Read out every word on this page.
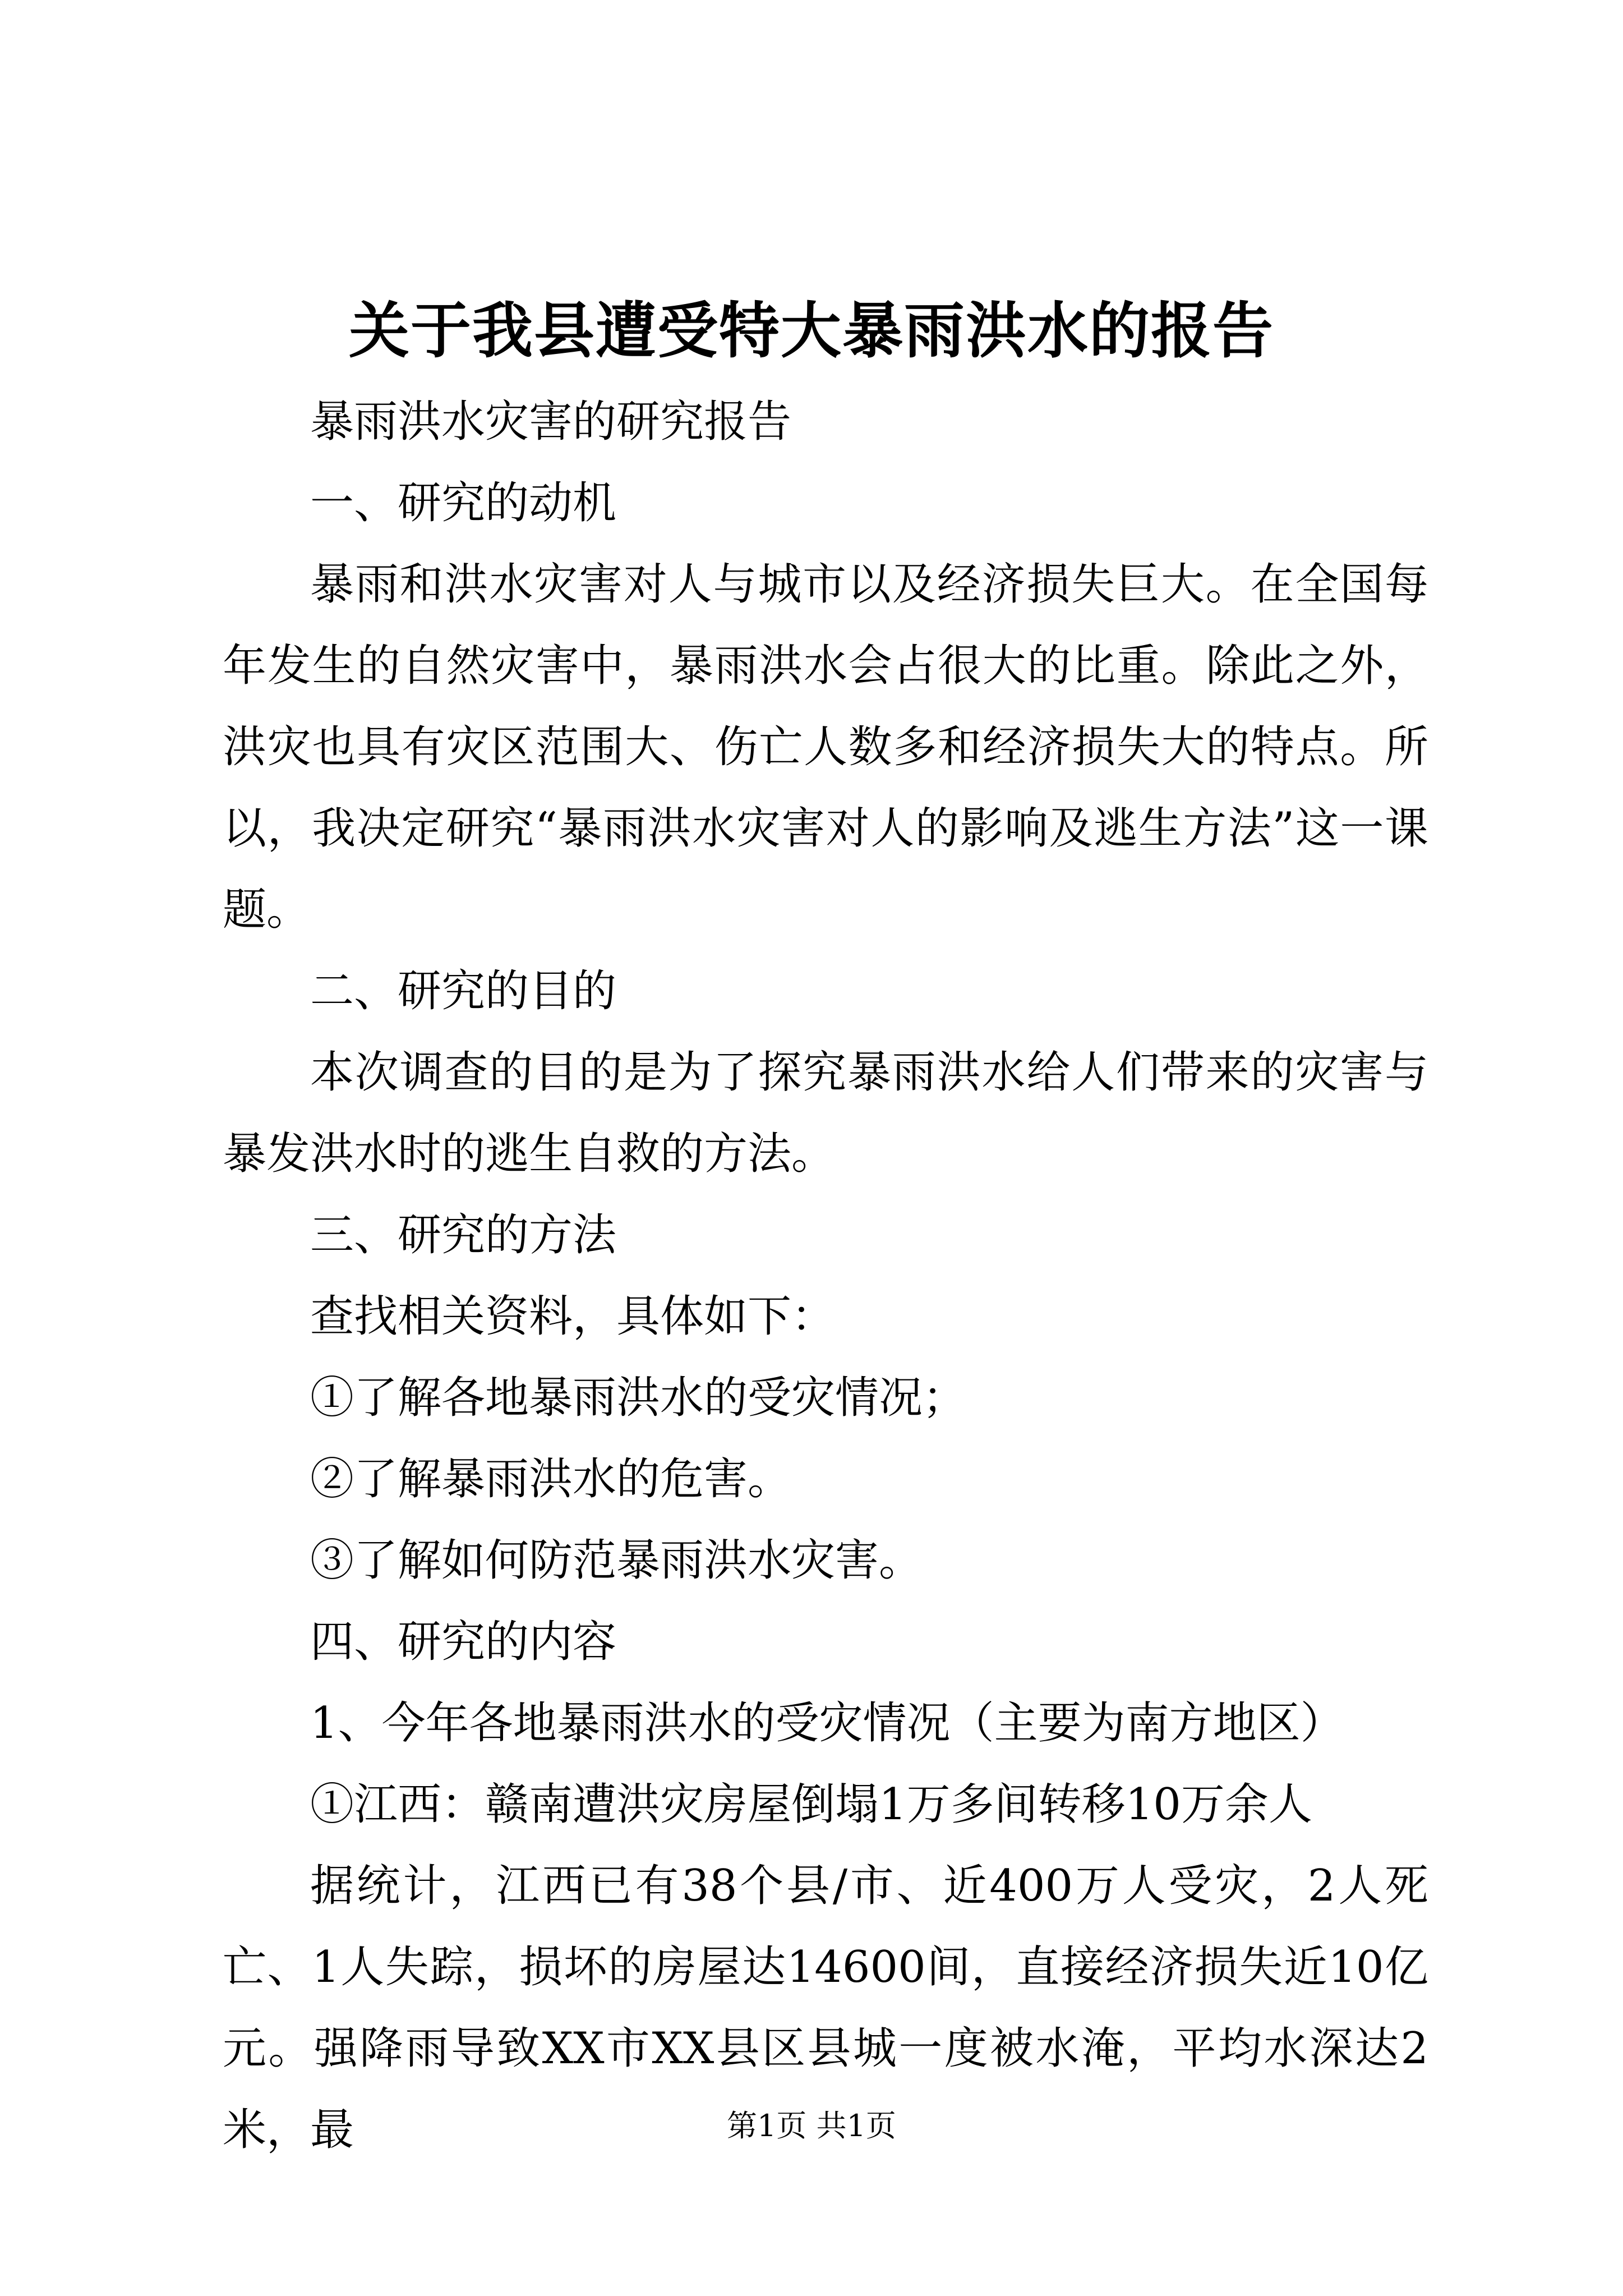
关于我县遭受特大暴雨洪水的报告

暴雨洪水灾害的研究报告

一、研究的动机

暴雨和洪水灾害对人与城市以及经济损失巨大。在全国每年发生的自然灾害中，暴雨洪水会占很大的比重。除此之外，洪灾也具有灾区范围大、伤亡人数多和经济损失大的特点。所以，我决定研究“暴雨洪水灾害对人的影响及逃生方法”这一课题。

二、研究的目的

本次调查的目的是为了探究暴雨洪水给人们带来的灾害与暴发洪水时的逃生自救的方法。

三、研究的方法

查找相关资料，具体如下：

①了解各地暴雨洪水的受灾情况；

②了解暴雨洪水的危害。

③了解如何防范暴雨洪水灾害。

四、研究的内容

1、今年各地暴雨洪水的受灾情况（主要为南方地区）

①江西：赣南遭洪灾房屋倒塌1万多间转移10万余人

据统计，江西已有38个县/市、近400万人受灾，2人死亡、1人失踪，损坏的房屋达14600间，直接经济损失近10亿元。强降雨导致XX市XX县区县城一度被水淹，平均水深达2米，最	第1页 共1页
